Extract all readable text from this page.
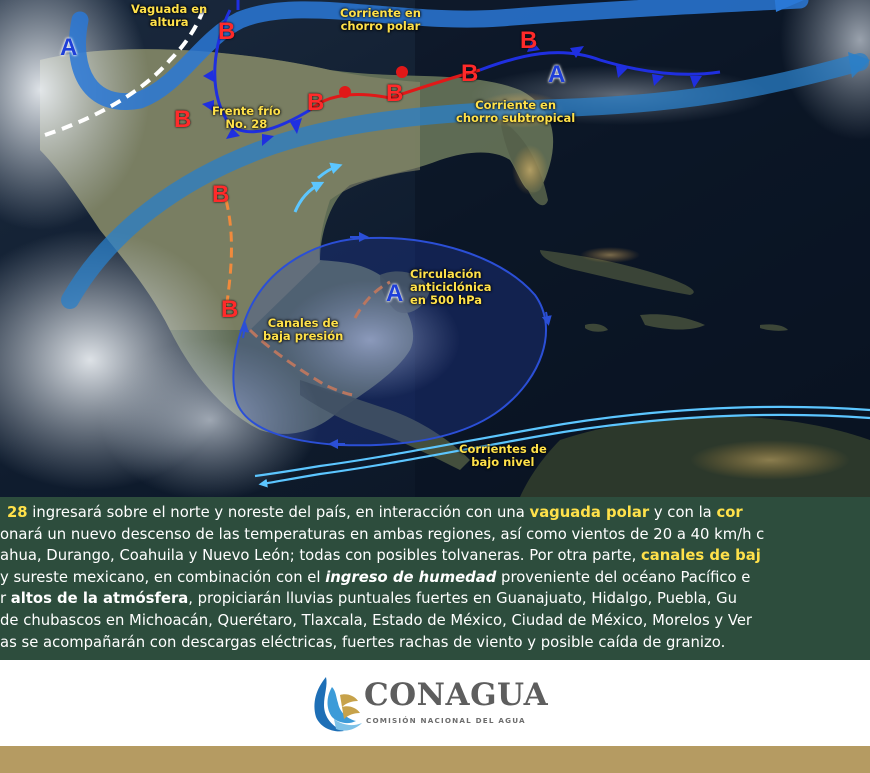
A
B
B
B	B
B
B
A
B
B
A
Vaguada en
altura
Corriente en
chorro polar
Frente frío
No. 28
Corriente en
chorro subtropical
Circulación
anticiclónica
en 500 hPa
Canales de
baja presión
Corrientes de
bajo nivel
28 ingresará sobre el norte y noreste del país, en interacción con una vaguada polar y con la cor
onará un nuevo descenso de las temperaturas en ambas regiones, así como vientos de 20 a 40 km/h c
ahua, Durango, Coahuila y Nuevo León; todas con posibles tolvaneras. Por otra parte, canales de baj
y sureste mexicano, en combinación con el ingreso de humedad proveniente del océano Pacífico e
r altos de la atmósfera, propiciarán lluvias puntuales fuertes en Guanajuato, Hidalgo, Puebla, Gu
de chubascos en Michoacán, Querétaro, Tlaxcala, Estado de México, Ciudad de México, Morelos y Ver
as se acompañarán con descargas eléctricas, fuertes rachas de viento y posible caída de granizo.
CONAGUA
COMISIÓN NACIONAL DEL AGUA
